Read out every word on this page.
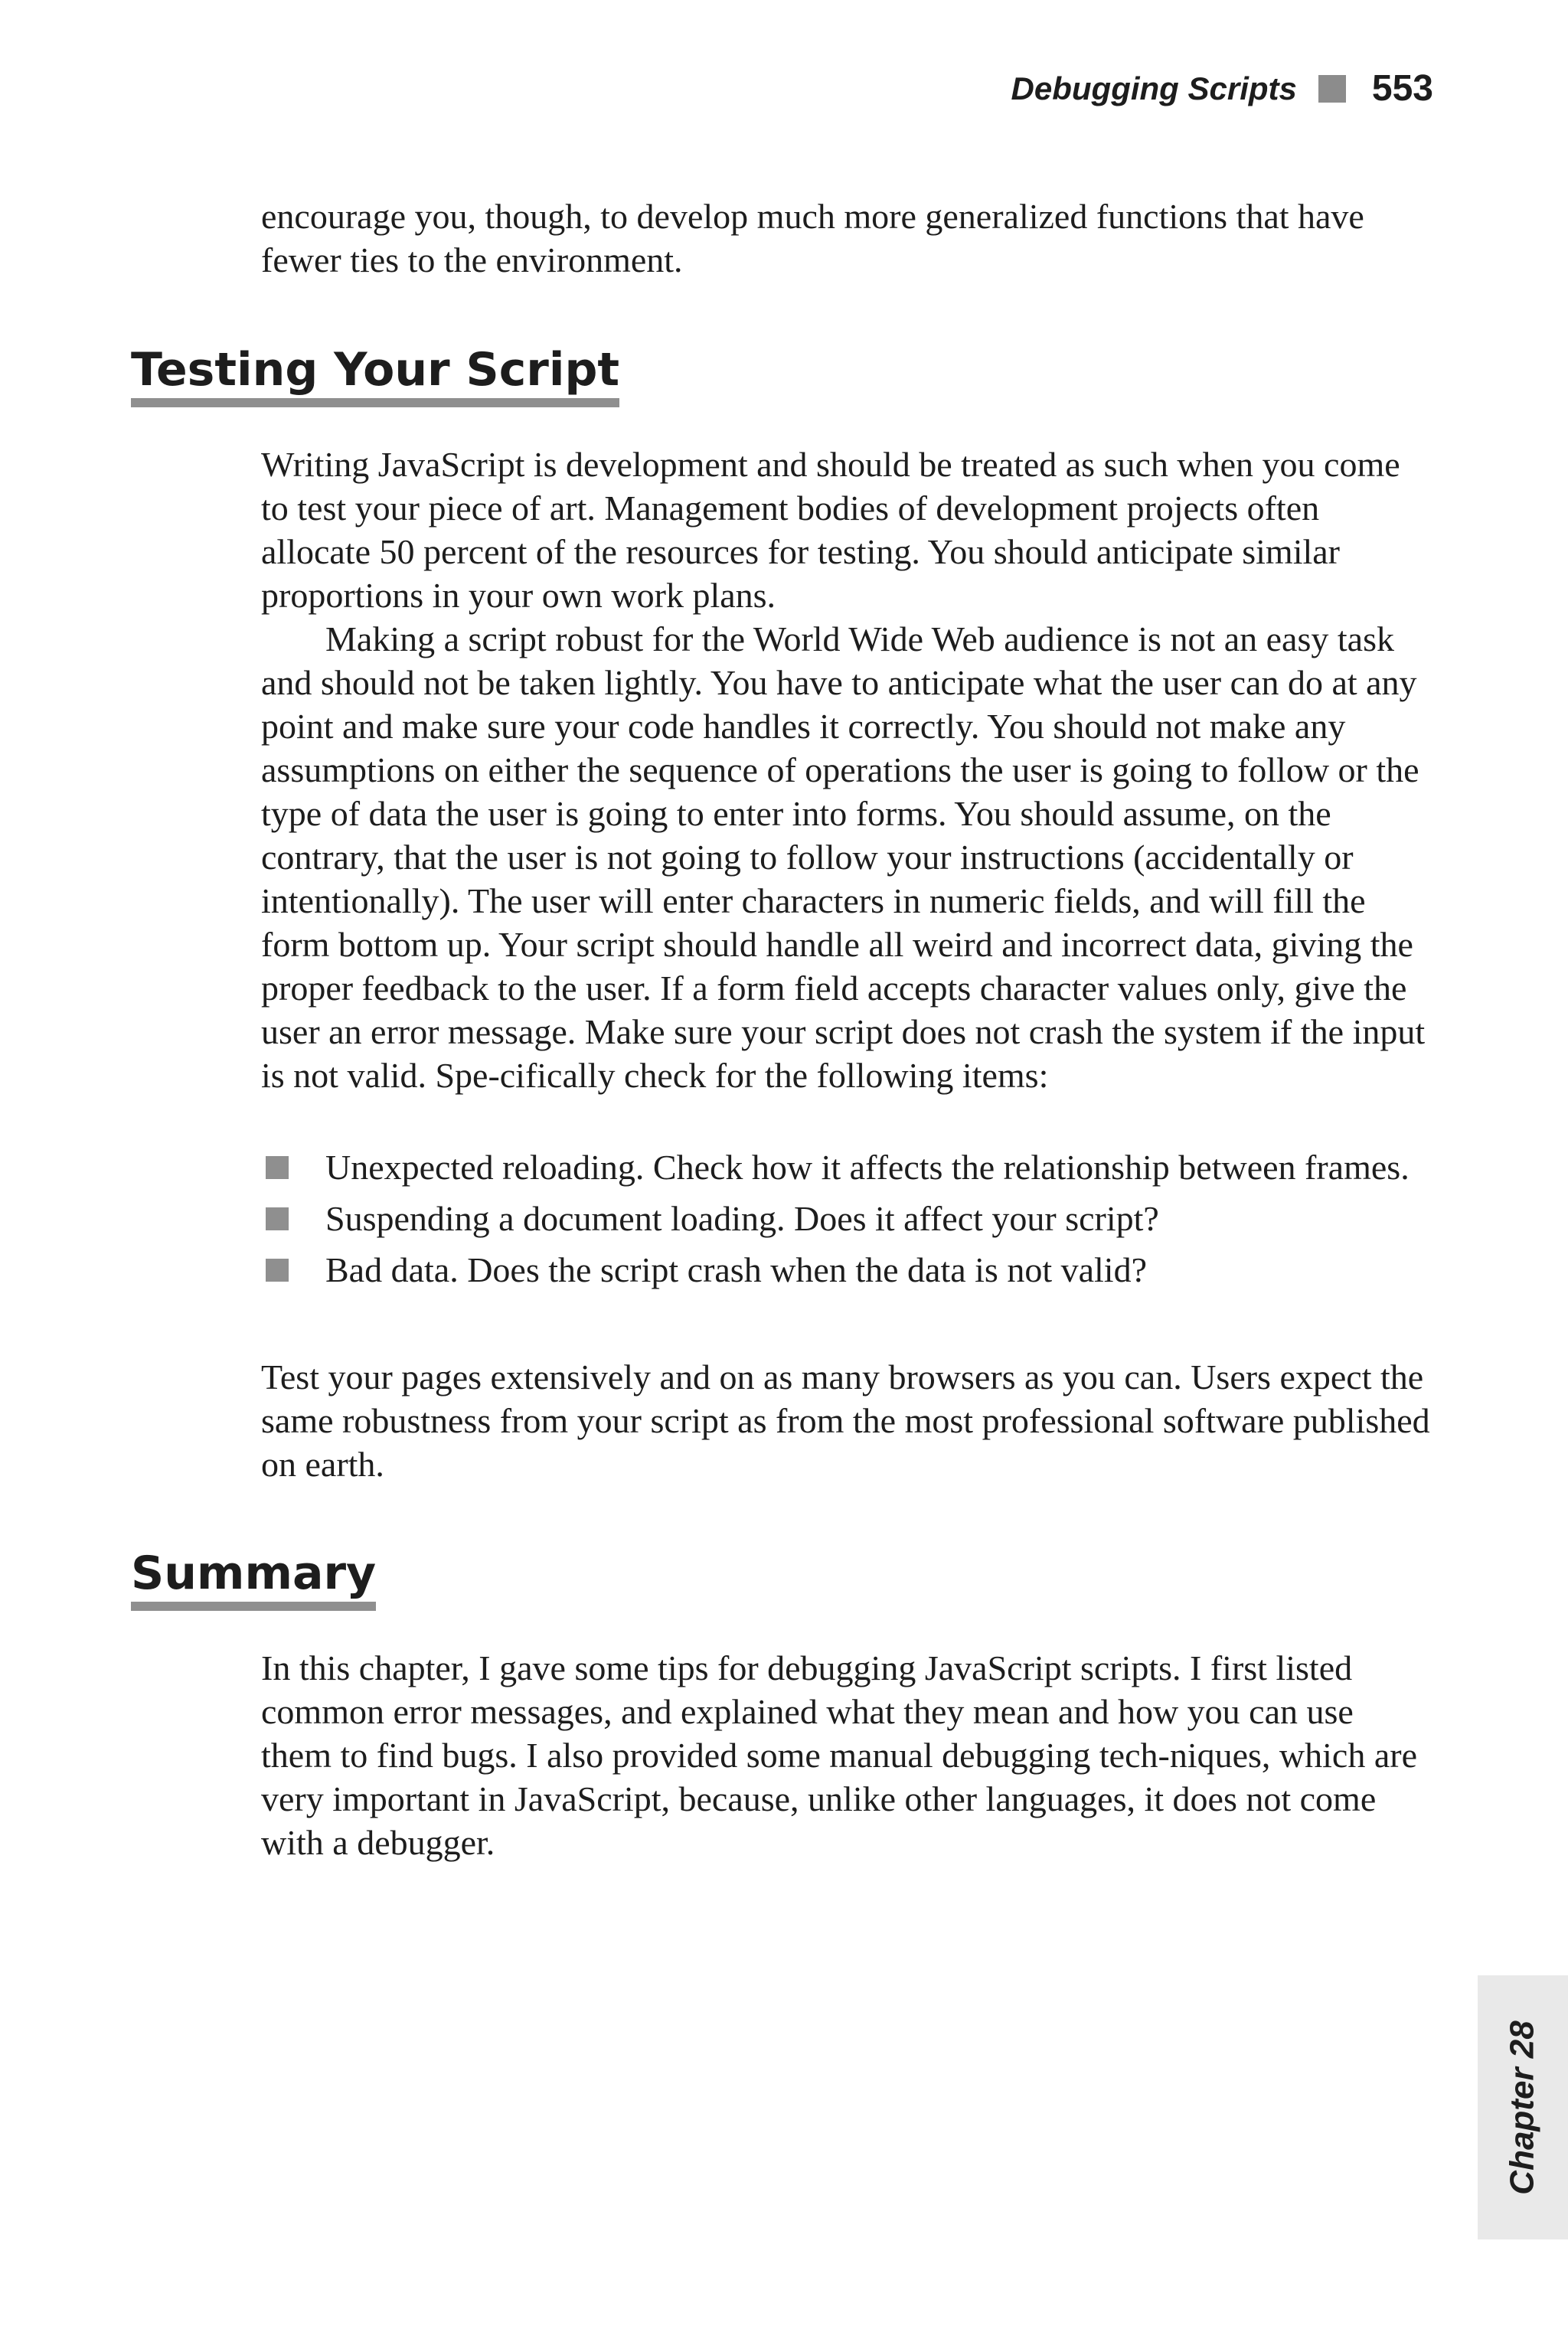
Debugging Scripts 553

encourage you, though, to develop much more generalized functions that have fewer ties to the environment.

Testing Your Script

Writing JavaScript is development and should be treated as such when you come to test your piece of art. Management bodies of development projects often allocate 50 percent of the resources for testing. You should anticipate similar proportions in your own work plans.

Making a script robust for the World Wide Web audience is not an easy task and should not be taken lightly. You have to anticipate what the user can do at any point and make sure your code handles it correctly. You should not make any assumptions on either the sequence of operations the user is going to follow or the type of data the user is going to enter into forms. You should assume, on the contrary, that the user is not going to follow your instructions (accidentally or intentionally). The user will enter characters in numeric fields, and will fill the form bottom up. Your script should handle all weird and incorrect data, giving the proper feedback to the user. If a form field accepts character values only, give the user an error message. Make sure your script does not crash the system if the input is not valid. Spe-cifically check for the following items:

Unexpected reloading. Check how it affects the relationship between frames.
Suspending a document loading. Does it affect your script?
Bad data. Does the script crash when the data is not valid?

Test your pages extensively and on as many browsers as you can. Users expect the same robustness from your script as from the most professional software published on earth.

Summary

In this chapter, I gave some tips for debugging JavaScript scripts. I first listed common error messages, and explained what they mean and how you can use them to find bugs. I also provided some manual debugging tech-niques, which are very important in JavaScript, because, unlike other languages, it does not come with a debugger.

Chapter 28
